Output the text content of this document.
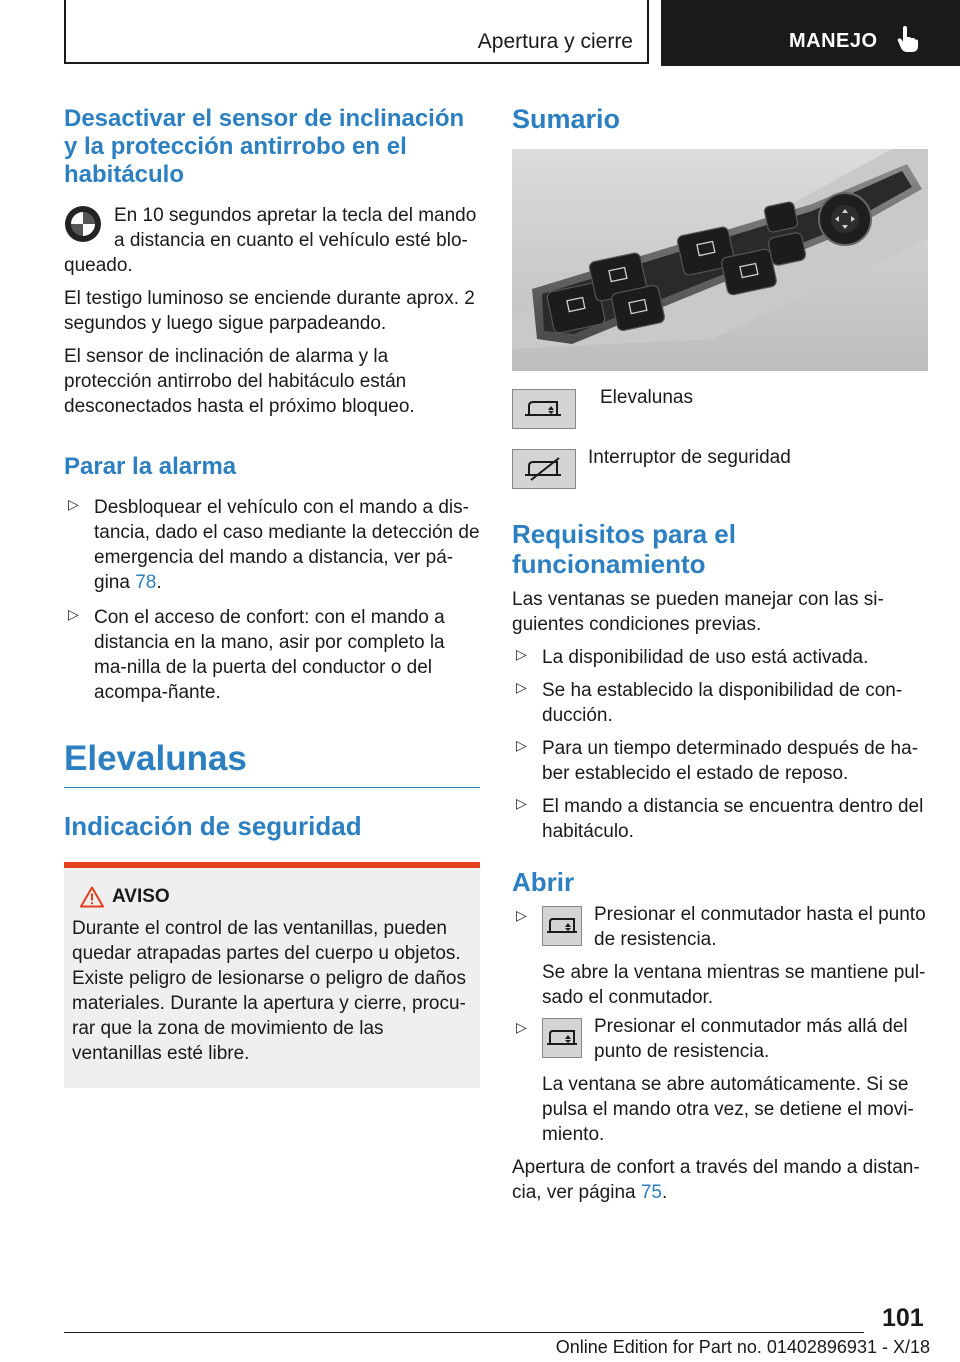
Apertura y cierre	MANEJO
Desactivar el sensor de inclinación y la protección antirrobo en el habitáculo

En 10 segundos apretar la tecla del mando a distancia en cuanto el vehículo esté blo-queado.

El testigo luminoso se enciende durante aprox. 2 segundos y luego sigue parpadeando.

El sensor de inclinación de alarma y la protección antirrobo del habitáculo están desconectados hasta el próximo bloqueo.

Parar la alarma
▷ Desbloquear el vehículo con el mando a dis-tancia, dado el caso mediante la detección de emergencia del mando a distancia, ver pá-gina 78.
▷ Con el acceso de confort: con el mando a distancia en la mano, asir por completo la ma-nilla de la puerta del conductor o del acompa-ñante.
Elevalunas
Indicación de seguridad
AVISO

Durante el control de las ventanillas, pueden quedar atrapadas partes del cuerpo u objetos. Existe peligro de lesionarse o peligro de daños materiales. Durante la apertura y cierre, procu-rar que la zona de movimiento de las ventanillas esté libre.

Sumario
Elevalunas
Interruptor de seguridad
Requisitos para el funcionamiento

Las ventanas se pueden manejar con las si-guientes condiciones previas.

▷ La disponibilidad de uso está activada.
▷ Se ha establecido la disponibilidad de con-ducción.
▷ Para un tiempo determinado después de ha-ber establecido el estado de reposo.
▷ El mando a distancia se encuentra dentro del habitáculo.
Abrir
▷	Presionar el conmutador hasta el punto de resistencia.

Se abre la ventana mientras se mantiene pul-sado el conmutador.

▷	Presionar el conmutador más allá del punto de resistencia.

La ventana se abre automáticamente. Si se pulsa el mando otra vez, se detiene el movi-miento.

Apertura de confort a través del mando a distan-cia, ver página 75.

101
Online Edition for Part no. 01402896931 - X/18
